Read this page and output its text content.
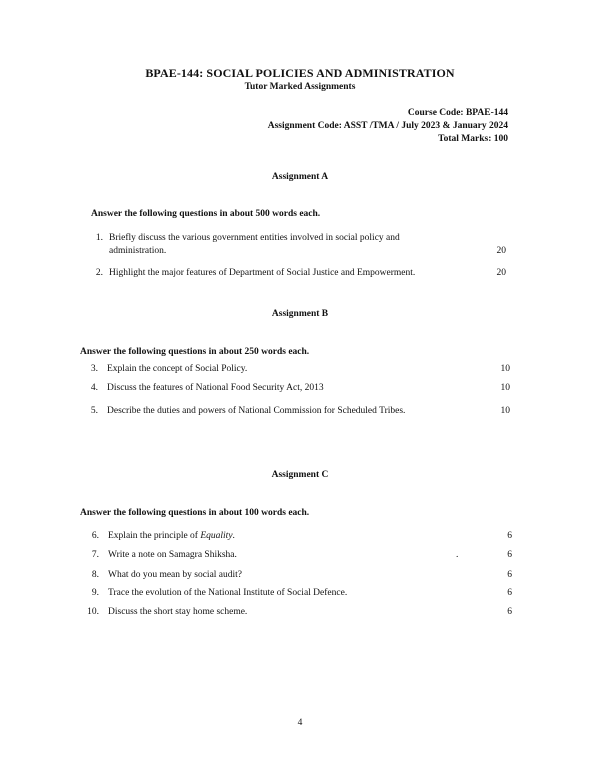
BPAE-144: SOCIAL POLICIES AND ADMINISTRATION
Tutor Marked Assignments
Course Code: BPAE-144
Assignment Code: ASST /TMA / July 2023 & January 2024
Total Marks: 100
Assignment A
Answer the following questions in about 500 words each.
1. Briefly discuss the various government entities involved in social policy and
administration.	20
2. Highlight the major features of Department of Social Justice and Empowerment.	20
Assignment B
Answer the following questions in about 250 words each.
3. Explain the concept of Social Policy.	10
4. Discuss the features of National Food Security Act, 2013	10
5. Describe the duties and powers of National Commission for Scheduled Tribes.	10
Assignment C
Answer the following questions in about 100 words each.
6. Explain the principle of Equality.	6
7. Write a note on Samagra Shiksha.	.	6
8. What do you mean by social audit?	6
9. Trace the evolution of the National Institute of Social Defence.	6
10. Discuss the short stay home scheme.	6
4
